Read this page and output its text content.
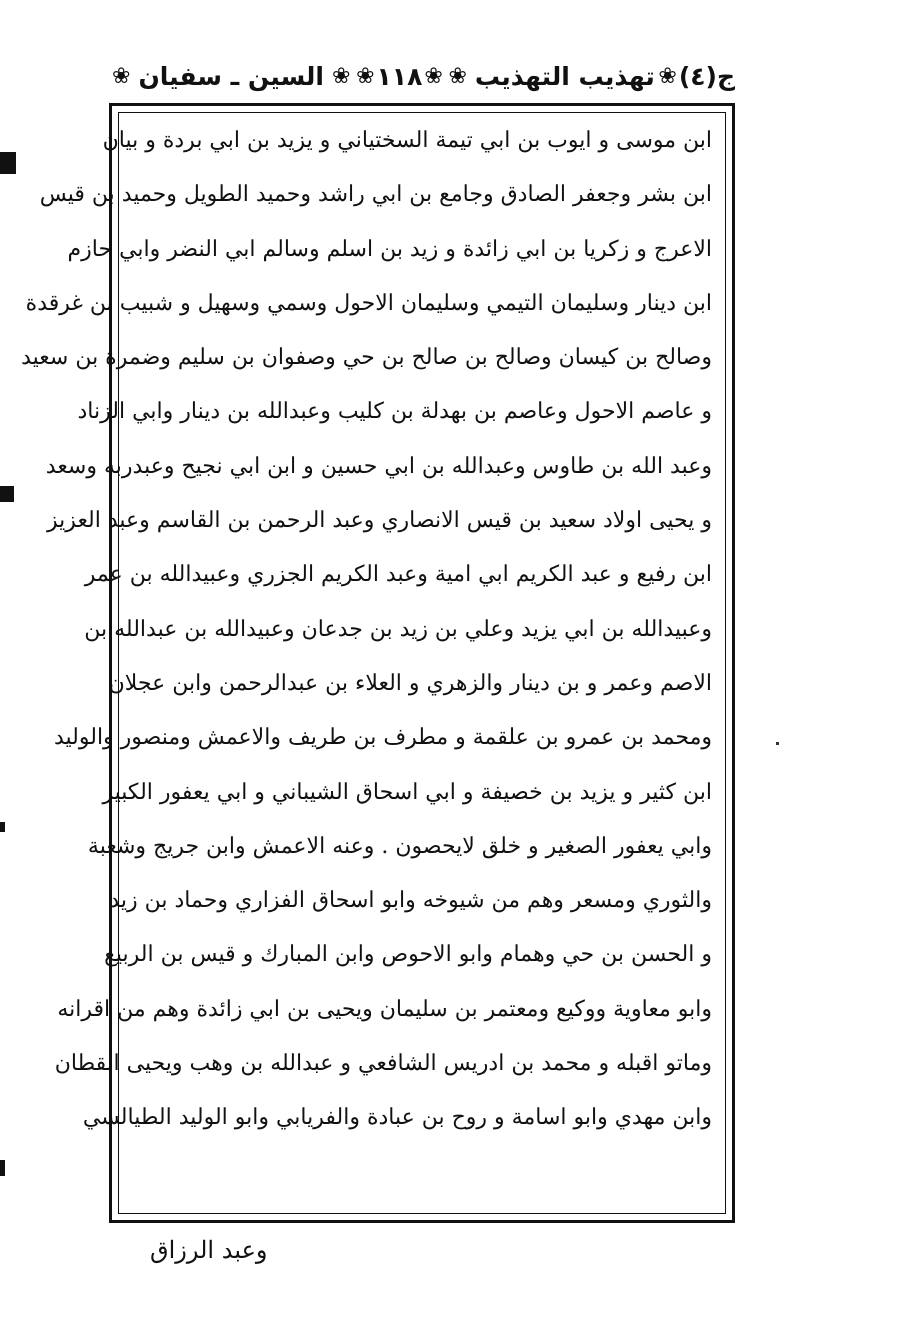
ج(٤)
❀
تهذيب التهذيب
❀
❀
١١٨
❀
❀
السين ـ سفيان
❀
ابن موسى و ايوب بن ابي تيمة السختياني و يزيد بن ابي بردة و بيان
ابن بشر وجعفر الصادق وجامع بن ابي راشد وحميد الطويل وحميد بن قيس
الاعرج و زكريا بن ابي زائدة و زيد بن اسلم وسالم ابي النضر وابي حازم
ابن دينار وسليمان التيمي وسليمان الاحول وسمي وسهيل و شبيب بن غرقدة
وصالح بن كيسان وصالح بن صالح بن حي وصفوان بن سليم وضمرة بن سعيد
و عاصم الاحول وعاصم بن بهدلة بن كليب وعبدالله بن دينار وابي الزناد
وعبد الله بن طاوس وعبدالله بن ابي حسين و ابن ابي نجيح وعبدربه وسعد
و يحيى اولاد سعيد بن قيس الانصاري وعبد الرحمن بن القاسم وعبد العزيز
ابن رفيع و عبد الكريم ابي امية وعبد الكريم الجزري وعبيدالله بن عمر
وعبيدالله بن ابي يزيد وعلي بن زيد بن جدعان وعبيدالله بن عبدالله بن
الاصم وعمر و بن دينار والزهري و العلاء بن عبدالرحمن وابن عجلان
ومحمد بن عمرو بن علقمة و مطرف بن طريف والاعمش ومنصور والوليد
ابن كثير و يزيد بن خصيفة و ابي اسحاق الشيباني و ابي يعفور الكبير
وابي يعفور الصغير و خلق لايحصون . وعنه الاعمش وابن جريج وشعبة
والثوري ومسعر وهم من شيوخه وابو اسحاق الفزاري وحماد بن زيد
و الحسن بن حي وهمام وابو الاحوص وابن المبارك و قيس بن الربيع
وابو معاوية ووكيع ومعتمر بن سليمان ويحيى بن ابي زائدة وهم من اقرانه
وماتو اقبله و محمد بن ادريس الشافعي و عبدالله بن وهب ويحيى القطان
وابن مهدي وابو اسامة و روح بن عبادة والفريابي وابو الوليد الطيالسي
وعبد الرزاق
